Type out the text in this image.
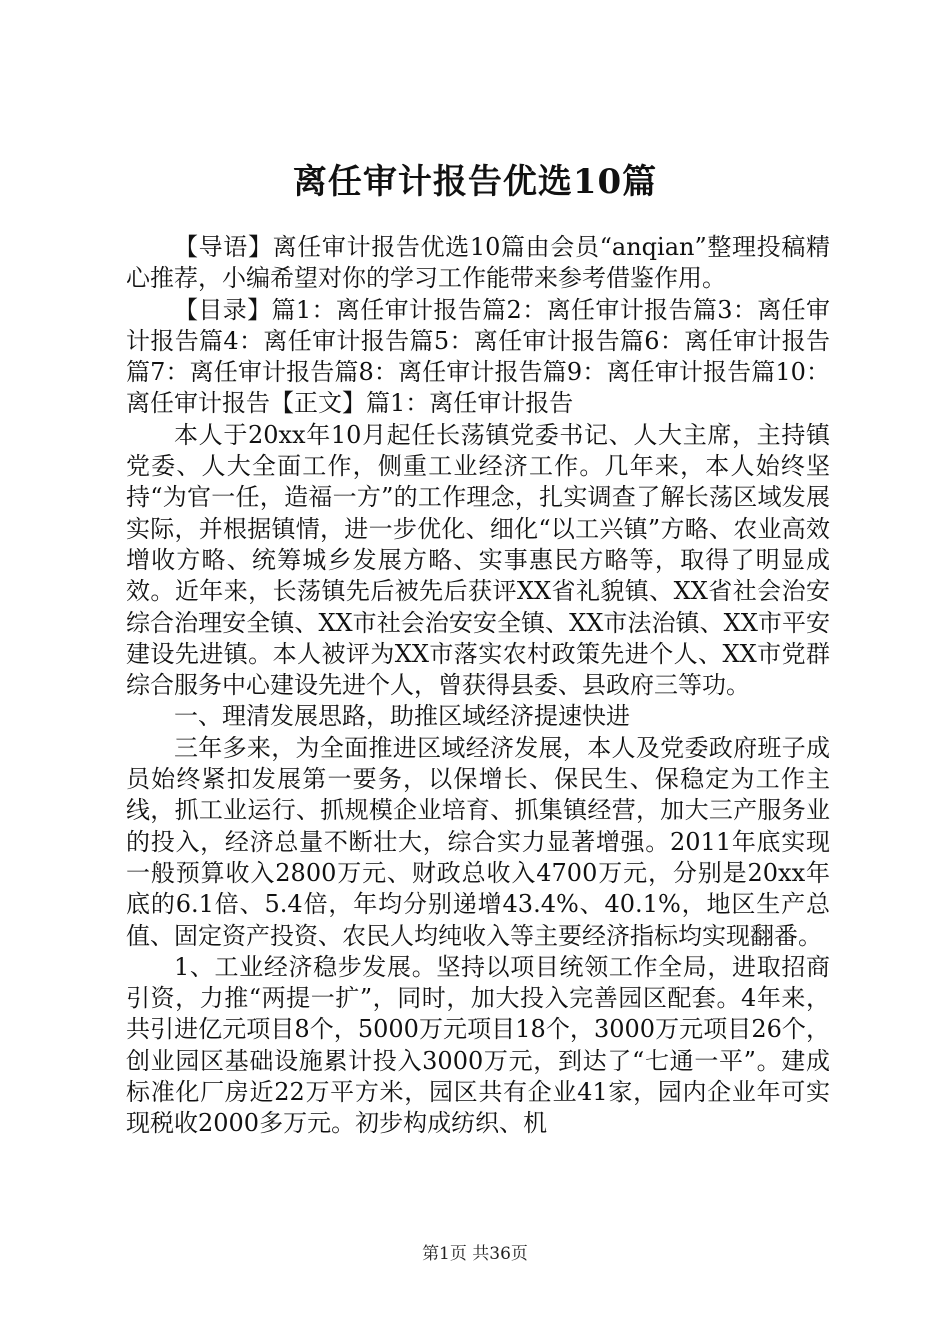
离任审计报告优选10篇

【导语】离任审计报告优选10篇由会员“anqian”整理投稿精心推荐，小编希望对你的学习工作能带来参考借鉴作用。

【目录】篇1：离任审计报告篇2：离任审计报告篇3：离任审计报告篇4：离任审计报告篇5：离任审计报告篇6：离任审计报告篇7：离任审计报告篇8：离任审计报告篇9：离任审计报告篇10：离任审计报告【正文】篇1：离任审计报告

本人于20xx年10月起任长荡镇党委书记、人大主席，主持镇党委、人大全面工作，侧重工业经济工作。几年来，本人始终坚持“为官一任，造福一方”的工作理念，扎实调查了解长荡区域发展实际，并根据镇情，进一步优化、细化“以工兴镇”方略、农业高效增收方略、统筹城乡发展方略、实事惠民方略等，取得了明显成效。近年来，长荡镇先后被先后获评XX省礼貌镇、XX省社会治安综合治理安全镇、XX市社会治安安全镇、XX市法治镇、XX市平安建设先进镇。本人被评为XX市落实农村政策先进个人、XX市党群综合服务中心建设先进个人，曾获得县委、县政府三等功。

一、理清发展思路，助推区域经济提速快进

三年多来，为全面推进区域经济发展，本人及党委政府班子成员始终紧扣发展第一要务，以保增长、保民生、保稳定为工作主线，抓工业运行、抓规模企业培育、抓集镇经营，加大三产服务业的投入，经济总量不断壮大，综合实力显著增强。2011年底实现一般预算收入2800万元、财政总收入4700万元，分别是20xx年底的6.1倍、5.4倍，年均分别递增43.4%、40.1%，地区生产总值、固定资产投资、农民人均纯收入等主要经济指标均实现翻番。

1、工业经济稳步发展。坚持以项目统领工作全局，进取招商引资，力推“两提一扩”，同时，加大投入完善园区配套。4年来，共引进亿元项目8个，5000万元项目18个，3000万元项目26个，创业园区基础设施累计投入3000万元，到达了“七通一平”。建成标准化厂房近22万平方米，园区共有企业41家，园内企业年可实现税收2000多万元。初步构成纺织、机

第1页 共36页
